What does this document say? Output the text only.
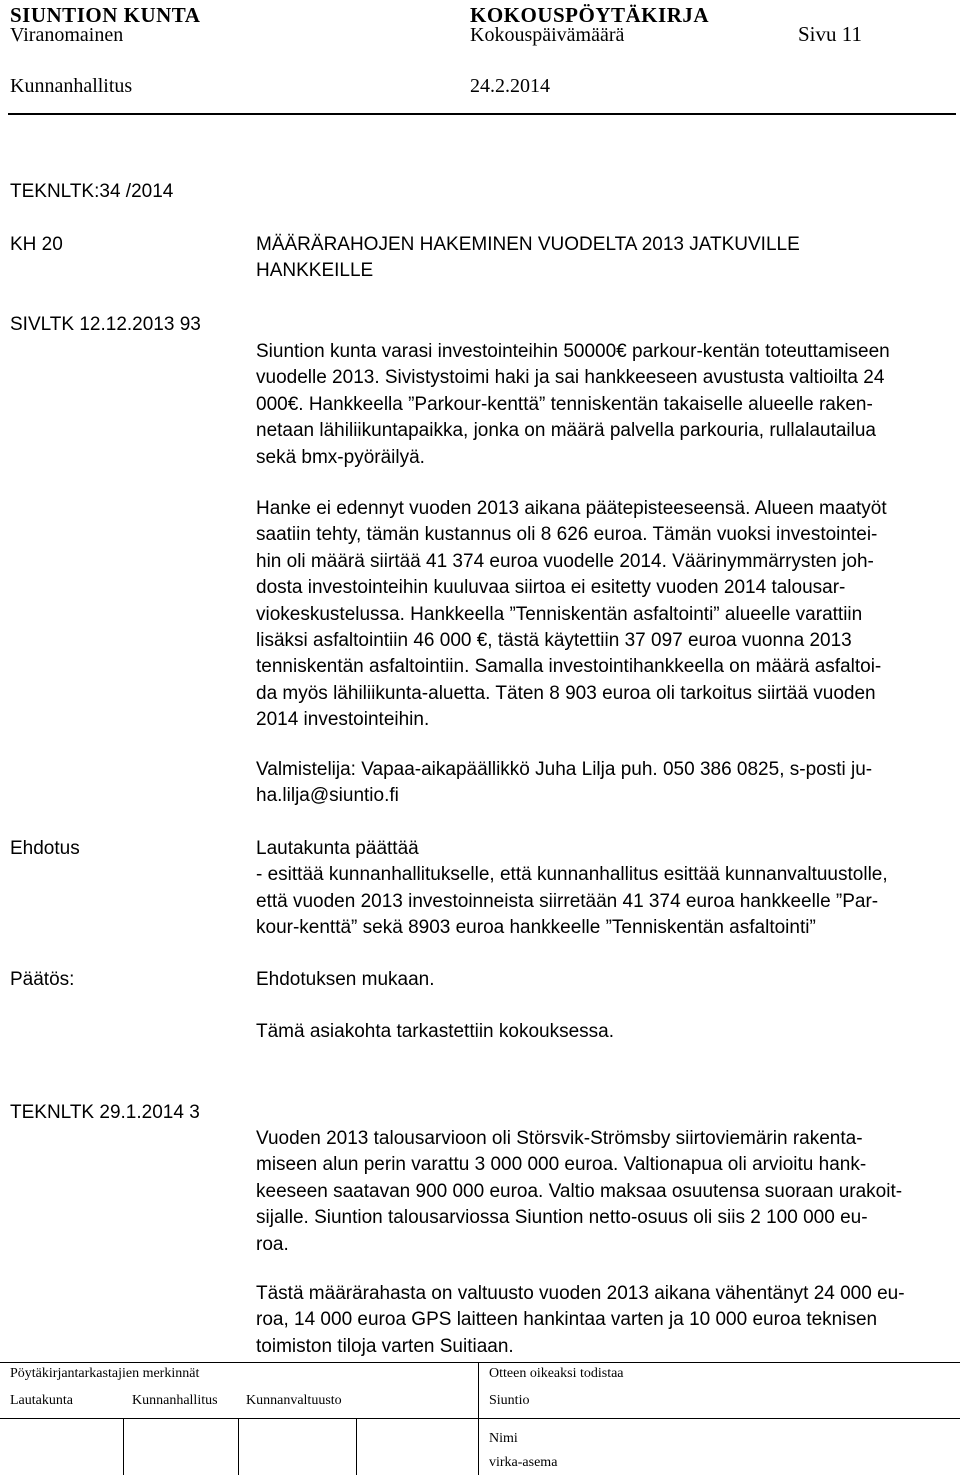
SIUNTION KUNTA	KOKOUSPÖYTÄKIRJA
Viranomainen	Kokouspäivämäärä	Sivu 11
Kunnanhallitus	24.2.2014
TEKNLTK:34 /2014
KH 20	MÄÄRÄRAHOJEN HAKEMINEN VUODELTA 2013 JATKUVILLE
HANKKEILLE
SIVLTK 12.12.2013 93
Siuntion kunta varasi investointeihin 50000€ parkour-kentän toteuttamiseen
vuodelle 2013. Sivistystoimi haki ja sai hankkeeseen avustusta valtioilta 24
000€. Hankkeella ”Parkour-kenttä” tenniskentän takaiselle alueelle raken-
netaan lähiliikuntapaikka, jonka on määrä palvella parkouria, rullalautailua
sekä bmx-pyöräilyä.
Hanke ei edennyt vuoden 2013 aikana päätepisteeseensä. Alueen maatyöt
saatiin tehty, tämän kustannus oli 8 626 euroa. Tämän vuoksi investointei-
hin oli määrä siirtää 41 374 euroa vuodelle 2014. Väärinymmärrysten joh-
dosta investointeihin kuuluvaa siirtoa ei esitetty vuoden 2014 talousar-
viokeskustelussa. Hankkeella ”Tenniskentän asfaltointi” alueelle varattiin
lisäksi asfaltointiin 46 000 €, tästä käytettiin 37 097 euroa vuonna 2013
tenniskentän asfaltointiin. Samalla investointihankkeella on määrä asfaltoi-
da myös lähiliikunta-aluetta. Täten 8 903 euroa oli tarkoitus siirtää vuoden
2014 investointeihin.
Valmistelija: Vapaa-aikapäällikkö Juha Lilja puh. 050 386 0825, s-posti ju-
ha.lilja@siuntio.fi
Ehdotus	Lautakunta päättää
- esittää kunnanhallitukselle, että kunnanhallitus esittää kunnanvaltuustolle,
että vuoden 2013 investoinneista siirretään 41 374 euroa hankkeelle ”Par-
kour-kenttä” sekä 8903 euroa hankkeelle ”Tenniskentän asfaltointi”
Päätös:	Ehdotuksen mukaan.
Tämä asiakohta tarkastettiin kokouksessa.
TEKNLTK 29.1.2014 3
Vuoden 2013 talousarvioon oli Störsvik-Strömsby siirtoviemärin rakenta-
miseen alun perin varattu 3 000 000 euroa. Valtionapua oli arvioitu hank-
keeseen saatavan 900 000 euroa. Valtio maksaa osuutensa suoraan urakoit-
sijalle. Siuntion talousarviossa Siuntion netto-osuus oli siis 2 100 000 eu-
roa.
Tästä määrärahasta on valtuusto vuoden 2013 aikana vähentänyt 24 000 eu-
roa, 14 000 euroa GPS laitteen hankintaa varten ja 10 000 euroa teknisen
toimiston tiloja varten Suitiaan.
Pöytäkirjantarkastajien merkinnät	Otteen oikeaksi todistaa
Lautakunta	Kunnanhallitus Kunnanvaltuusto	Siuntio
Nimi
virka-asema
